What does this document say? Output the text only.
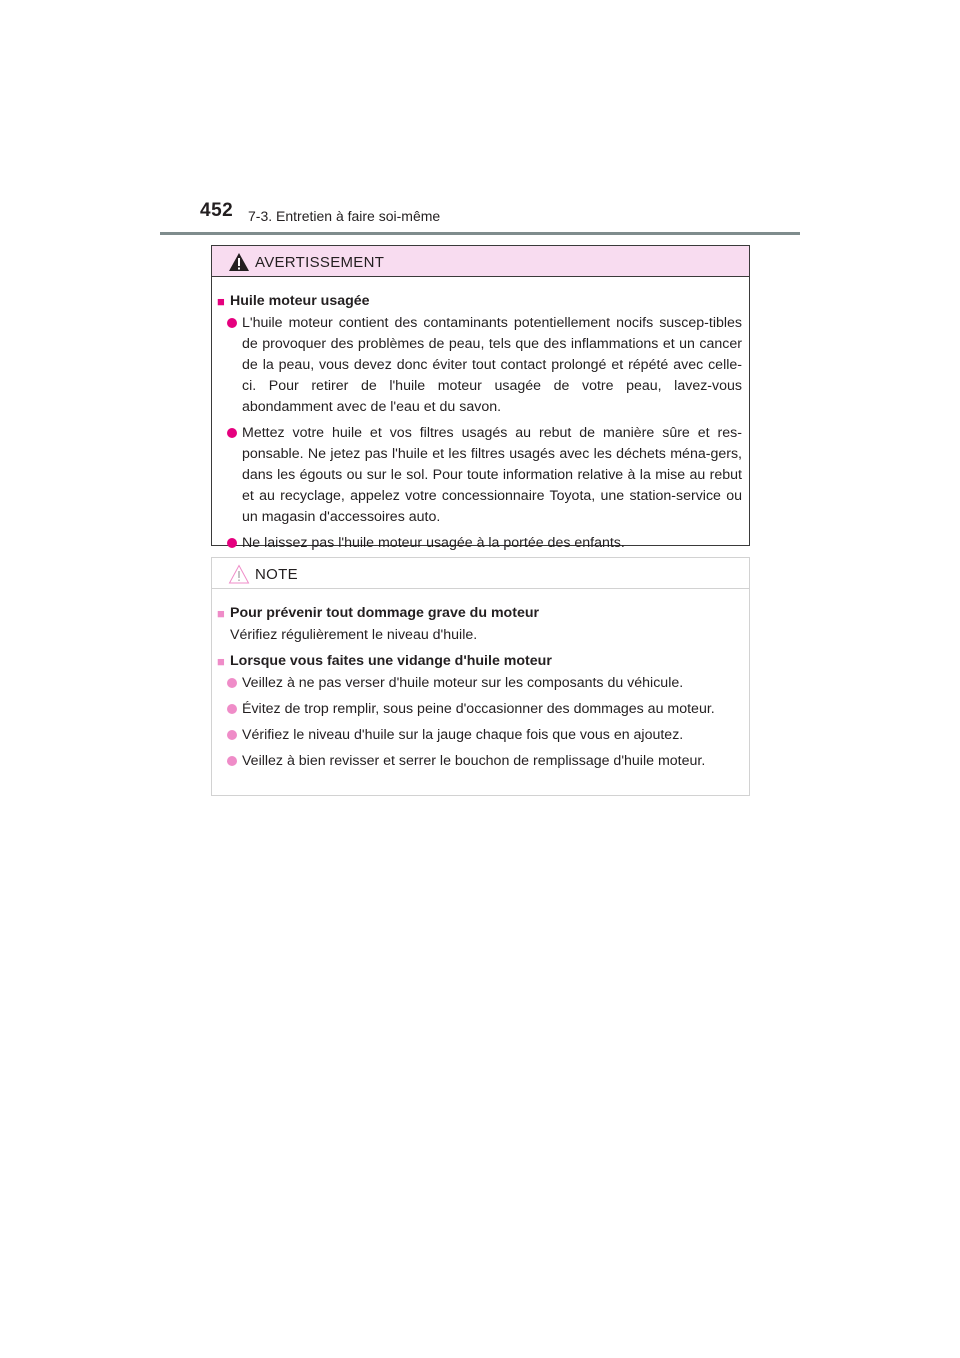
452 7-3. Entretien à faire soi-même
AVERTISSEMENT
■ Huile moteur usagée
L'huile moteur contient des contaminants potentiellement nocifs suscep-tibles de provoquer des problèmes de peau, tels que des inflammations et un cancer de la peau, vous devez donc éviter tout contact prolongé et répété avec celle-ci. Pour retirer de l'huile moteur usagée de votre peau, lavez-vous abondamment avec de l'eau et du savon.
Mettez votre huile et vos filtres usagés au rebut de manière sûre et res-ponsable. Ne jetez pas l'huile et les filtres usagés avec les déchets ména-gers, dans les égouts ou sur le sol. Pour toute information relative à la mise au rebut et au recyclage, appelez votre concessionnaire Toyota, une station-service ou un magasin d'accessoires auto.
Ne laissez pas l'huile moteur usagée à la portée des enfants.
NOTE
■ Pour prévenir tout dommage grave du moteur
Vérifiez régulièrement le niveau d'huile.
■ Lorsque vous faites une vidange d'huile moteur
Veillez à ne pas verser d'huile moteur sur les composants du véhicule.
Évitez de trop remplir, sous peine d'occasionner des dommages au moteur.
Vérifiez le niveau d'huile sur la jauge chaque fois que vous en ajoutez.
Veillez à bien revisser et serrer le bouchon de remplissage d'huile moteur.
